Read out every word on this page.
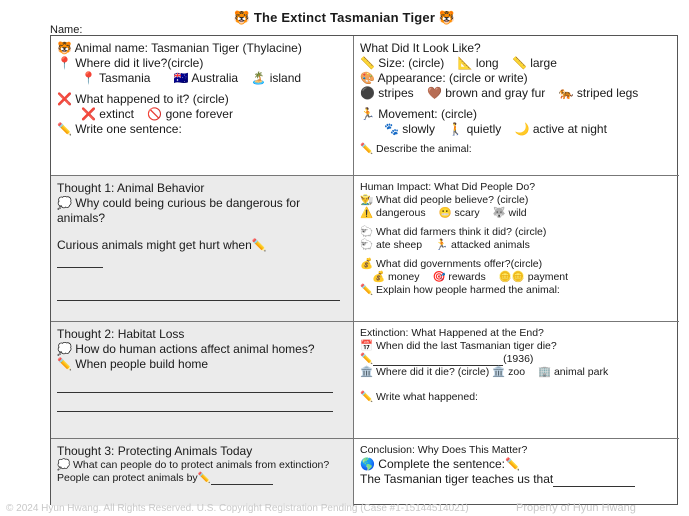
🐯 The Extinct Tasmanian Tiger 🐯
Name:
🐯 Animal name: Tasmanian Tiger (Thylacine)
📍 Where did it live?(circle)
📍 Tasmania 🇦🇺 Australia 🏝️ island
❌ What happened to it? (circle)
❌ extinct 🚫 gone forever
✏️ Write one sentence:
What Did It Look Like?
📏 Size: (circle) 📐 long 📏 large
🎨 Appearance: (circle or write)
⚫ stripes 🤎 brown and gray fur 🐅 striped legs
🏃 Movement: (circle)
🐾 slowly 🚶 quietly 🌙 active at night
✏️ Describe the animal:
Thought 1: Animal Behavior
💭 Why could being curious be dangerous for animals?
Curious animals might get hurt when✏️
Human Impact: What Did People Do?
👨‍🌾 What did people believe? (circle)
⚠️ dangerous 😬 scary 🐺 wild
🐑 What did farmers think it did? (circle)
🐑 ate sheep 🏃 attacked animals
💰 What did governments offer?(circle)
💰 money 🎯 rewards 🪙🪙 payment
✏️ Explain how people harmed the animal:
Thought 2: Habitat Loss
💭 How do human actions affect animal homes?
✏️ When people build home
Extinction: What Happened at the End?
📅 When did the last Tasmanian tiger die?
✏️	(1936)
🏛️ Where did it die? (circle) 🏛️ zoo 🏢 animal park
✏️ Write what happened:
Thought 3: Protecting Animals Today
💭 What can people do to protect animals from extinction?
People can protect animals by✏️
Conclusion: Why Does This Matter?
🌎 Complete the sentence:✏️
The Tasmanian tiger teaches us that
© 2024 Hyun Hwang. All Rights Reserved. U.S. Copyright Registration Pending (Case #1-15144514021)	Property of Hyun Hwang
